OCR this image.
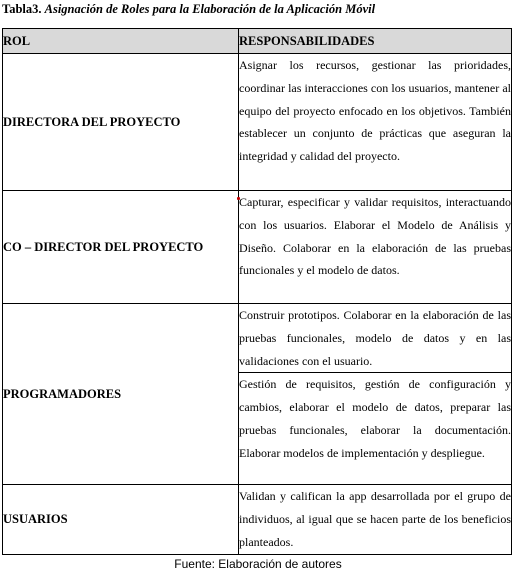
Tabla3. Asignación de Roles para la Elaboración de la Aplicación Móvil
ROL	RESPONSABILIDADES
DIRECTORA DEL PROYECTO	Asignar los recursos, gestionar las prioridades, coordinar las interacciones con los usuarios, mantener al equipo del proyecto enfocado en los objetivos. También establecer un conjunto de prácticas que aseguran la integridad y calidad del proyecto.
CO – DIRECTOR DEL PROYECTO	Capturar, especificar y validar requisitos, interactuando con los usuarios. Elaborar el Modelo de Análisis y Diseño. Colaborar en la elaboración de las pruebas funcionales y el modelo de datos.
PROGRAMADORES	Construir prototipos. Colaborar en la elaboración de las pruebas funcionales, modelo de datos y en las validaciones con el usuario.
	Gestión de requisitos, gestión de configuración y cambios, elaborar el modelo de datos, preparar las pruebas funcionales, elaborar la documentación. Elaborar modelos de implementación y despliegue.
USUARIOS	Validan y califican la app desarrollada por el grupo de individuos, al igual que se hacen parte de los beneficios planteados.
Fuente: Elaboración de autores
